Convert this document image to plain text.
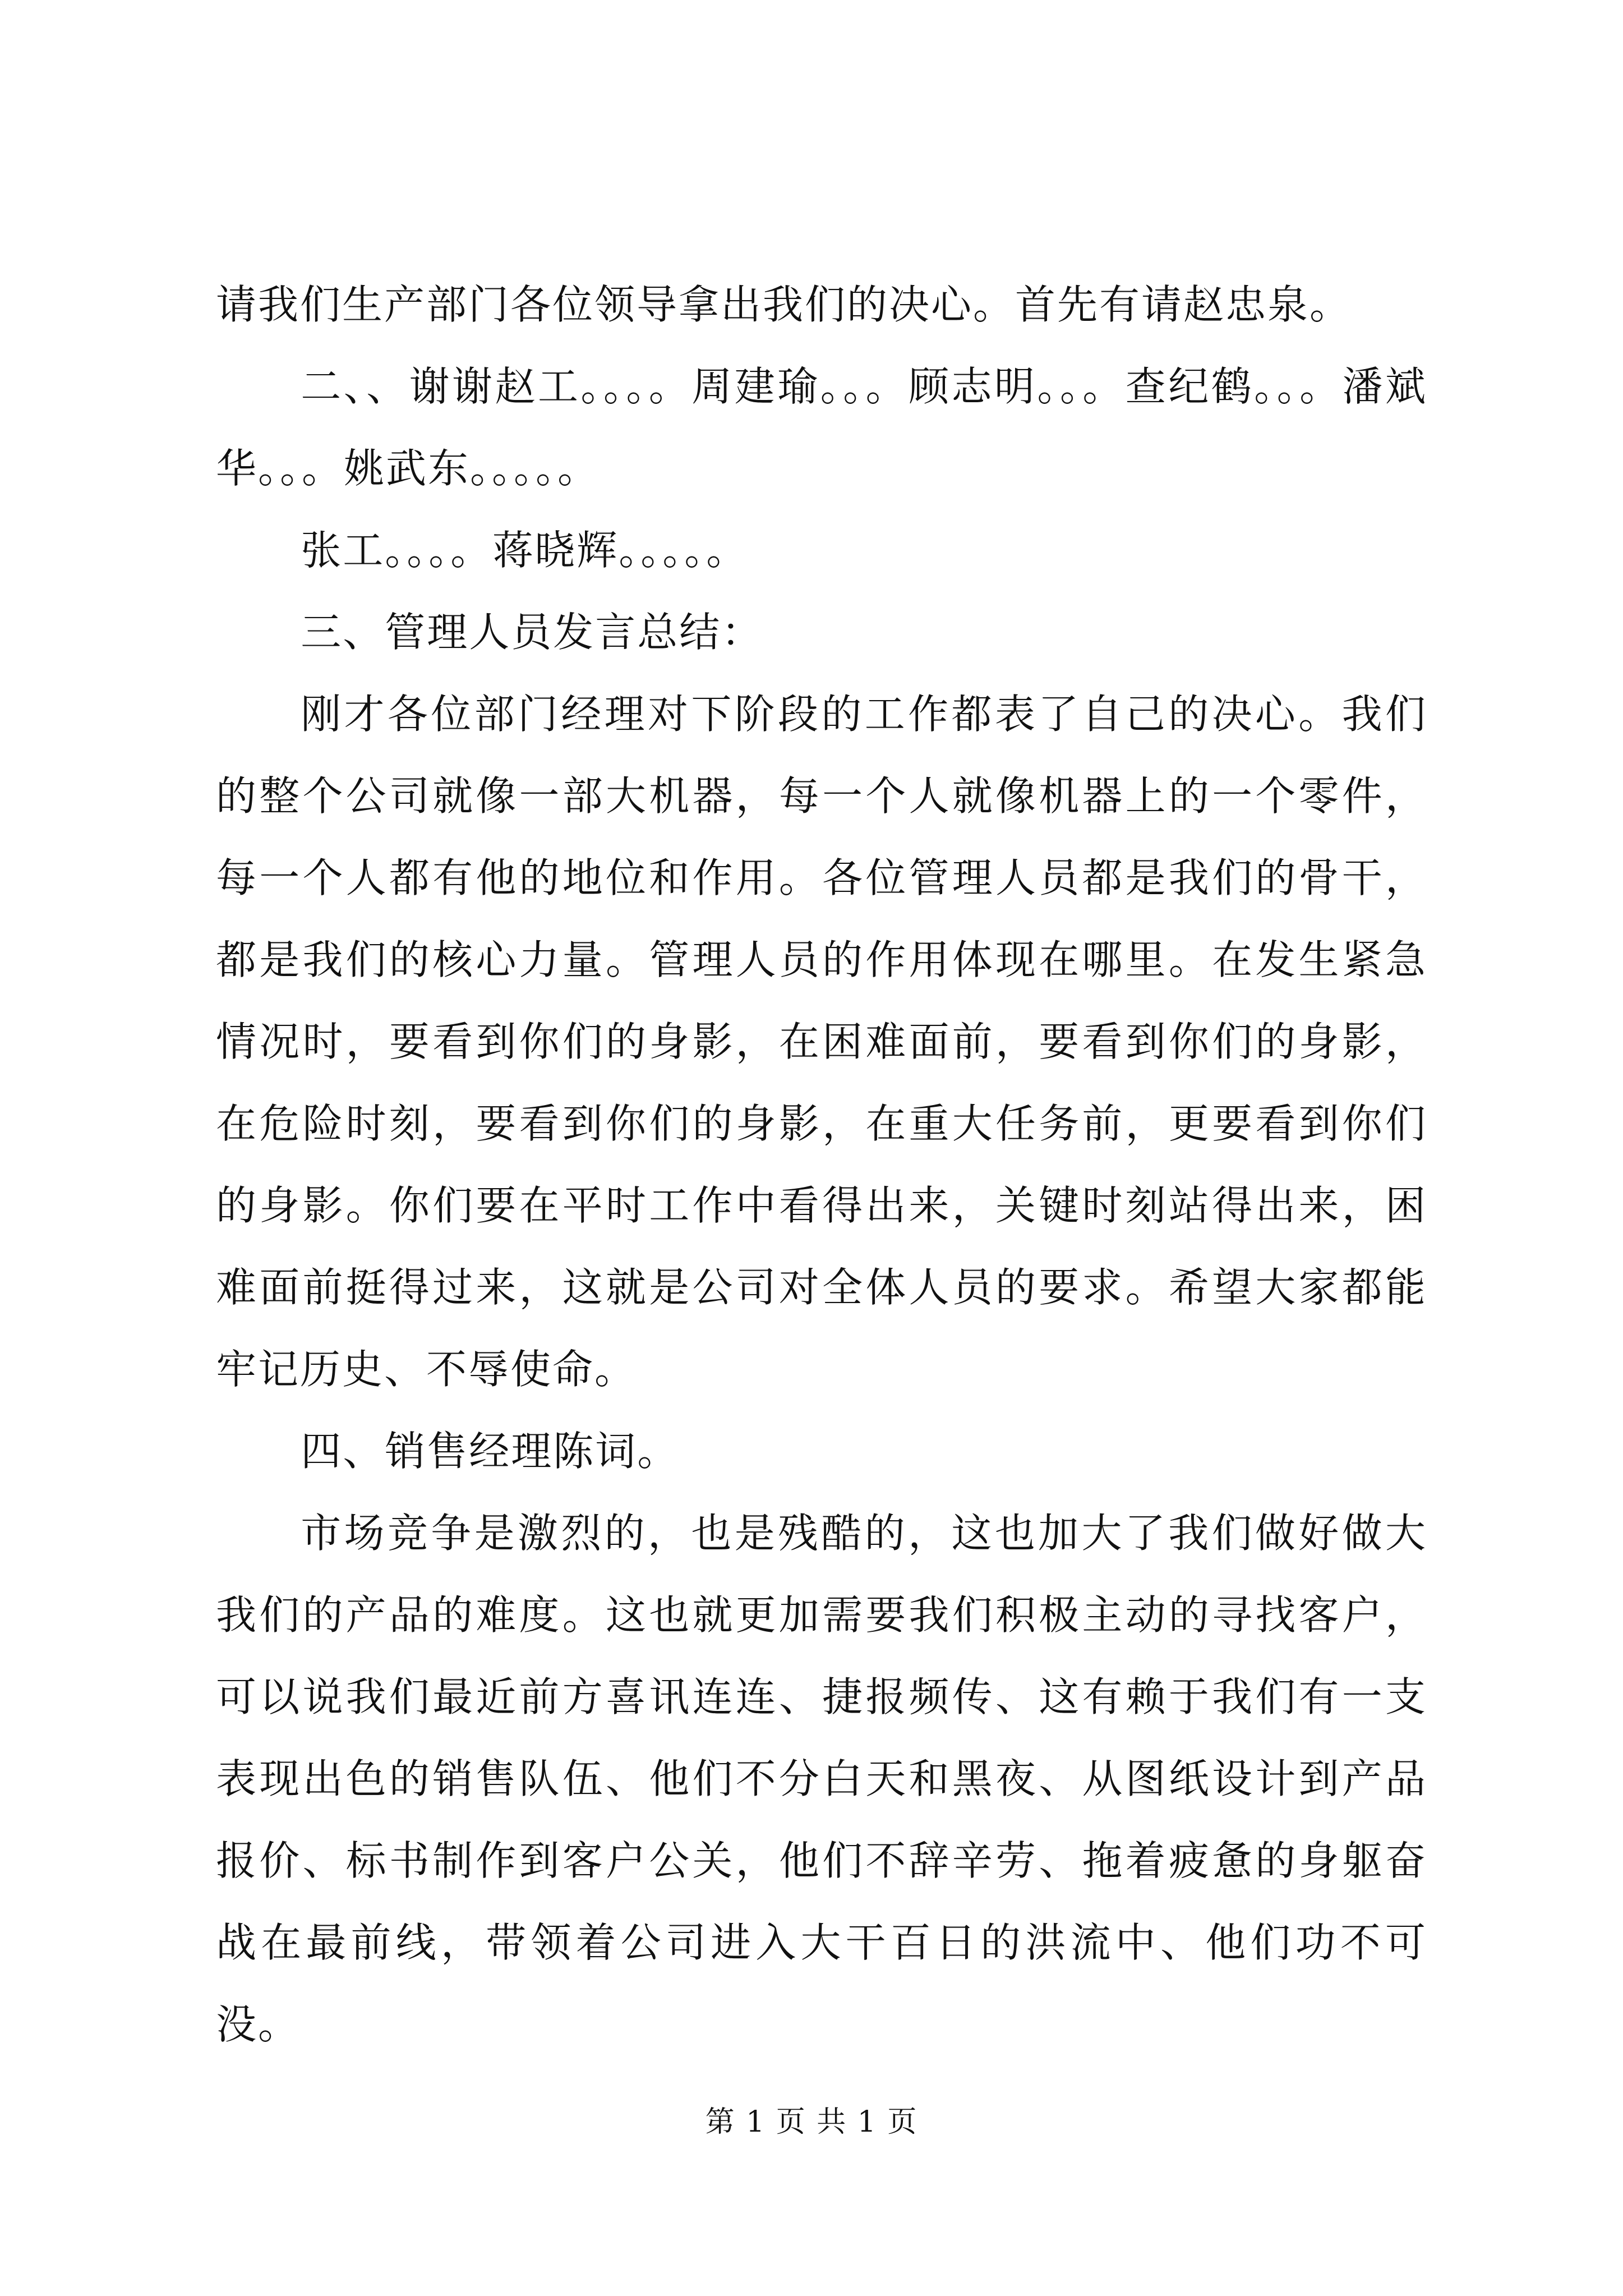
请我们生产部门各位领导拿出我们的决心。首先有请赵忠泉。

二、、谢谢赵工。。。。周建瑜。。。顾志明。。。查纪鹤。。。潘斌华。。。姚武东。。。。。

张工。。。。蒋晓辉。。。。。

三、管理人员发言总结：

刚才各位部门经理对下阶段的工作都表了自己的决心。我们的整个公司就像一部大机器，每一个人就像机器上的一个零件，每一个人都有他的地位和作用。各位管理人员都是我们的骨干，都是我们的核心力量。管理人员的作用体现在哪里。在发生紧急情况时，要看到你们的身影，在困难面前，要看到你们的身影，在危险时刻，要看到你们的身影，在重大任务前，更要看到你们的身影。你们要在平时工作中看得出来，关键时刻站得出来，困难面前挺得过来，这就是公司对全体人员的要求。希望大家都能牢记历史、不辱使命。

四、销售经理陈词。

市场竞争是激烈的，也是残酷的，这也加大了我们做好做大我们的产品的难度。这也就更加需要我们积极主动的寻找客户，可以说我们最近前方喜讯连连、捷报频传、这有赖于我们有一支表现出色的销售队伍、他们不分白天和黑夜、从图纸设计到产品报价、标书制作到客户公关，他们不辞辛劳、拖着疲惫的身躯奋战在最前线，带领着公司进入大干百日的洪流中、他们功不可没。

第 1 页 共 1 页
